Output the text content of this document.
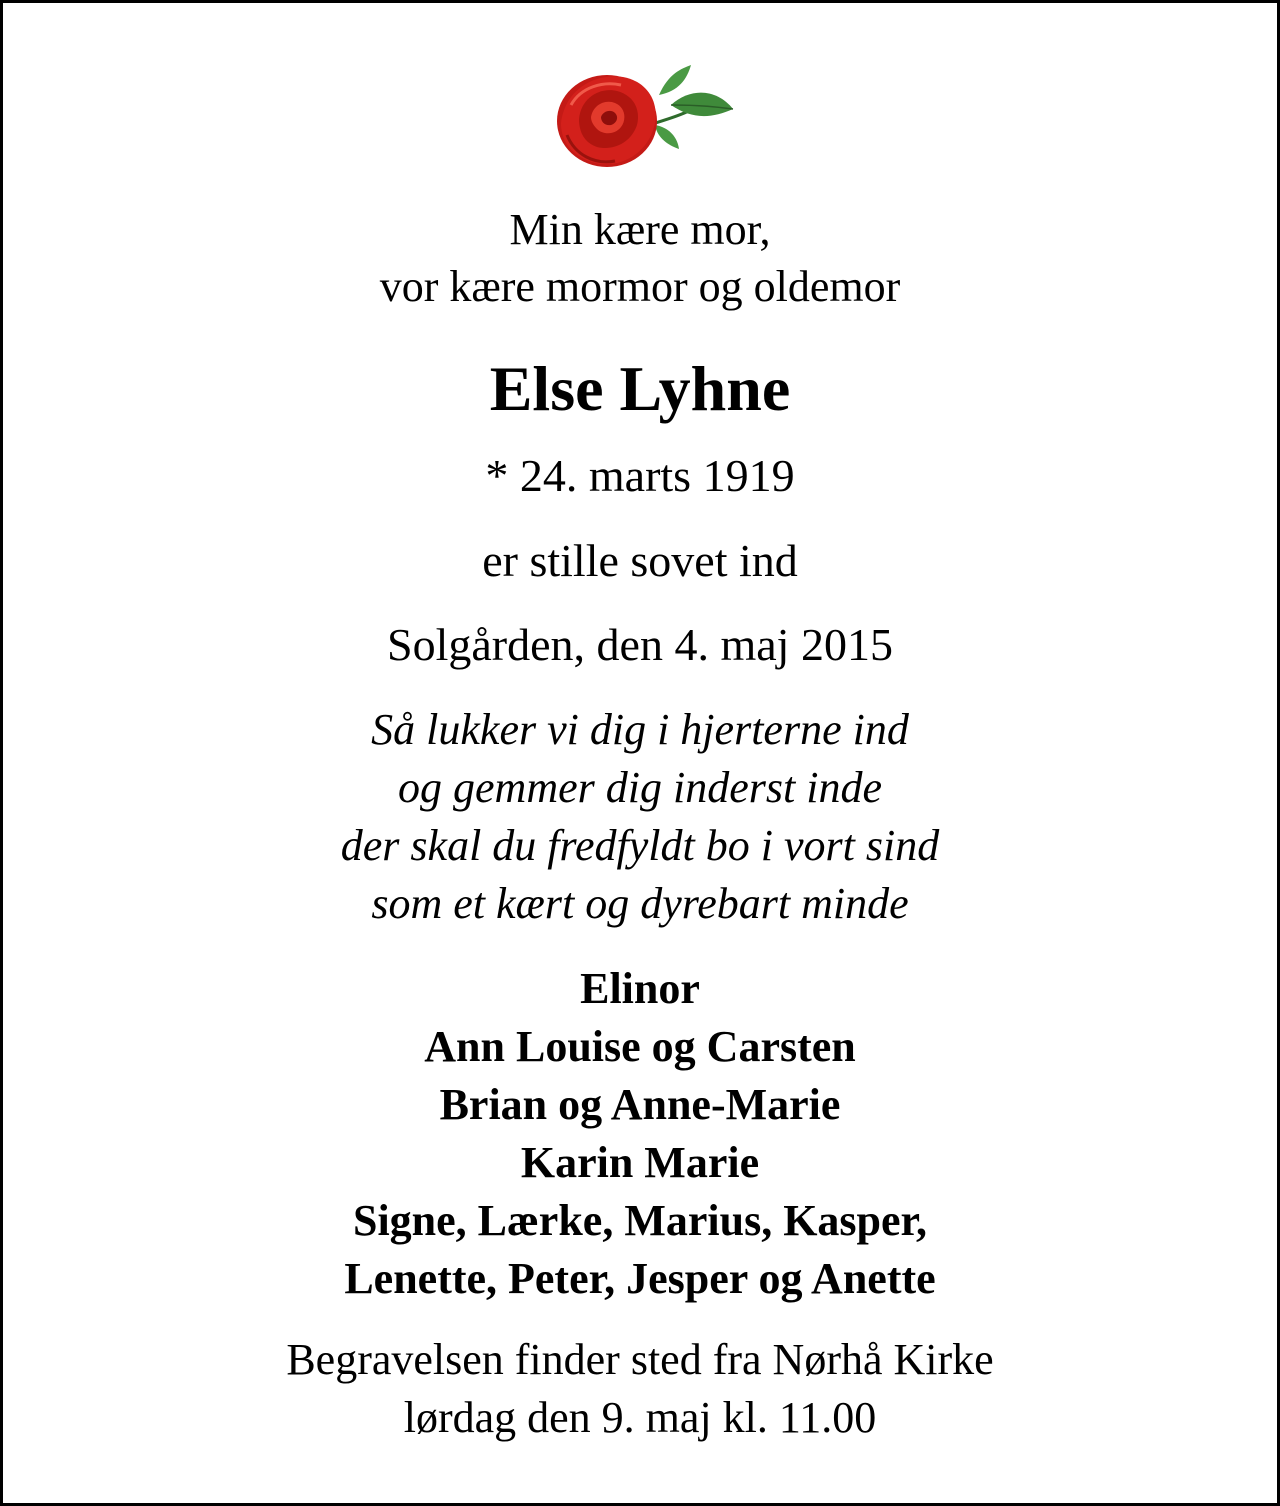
Min kære mor,
vor kære mormor og oldemor
Else Lyhne
* 24. marts 1919
er stille sovet ind
Solgården, den 4. maj 2015
Så lukker vi dig i hjerterne ind
og gemmer dig inderst inde
der skal du fredfyldt bo i vort sind
som et kært og dyrebart minde
Elinor
Ann Louise og Carsten
Brian og Anne-Marie
Karin Marie
Signe, Lærke, Marius, Kasper,
Lenette, Peter, Jesper og Anette
Begravelsen finder sted fra Nørhå Kirke
lørdag den 9. maj kl. 11.00
